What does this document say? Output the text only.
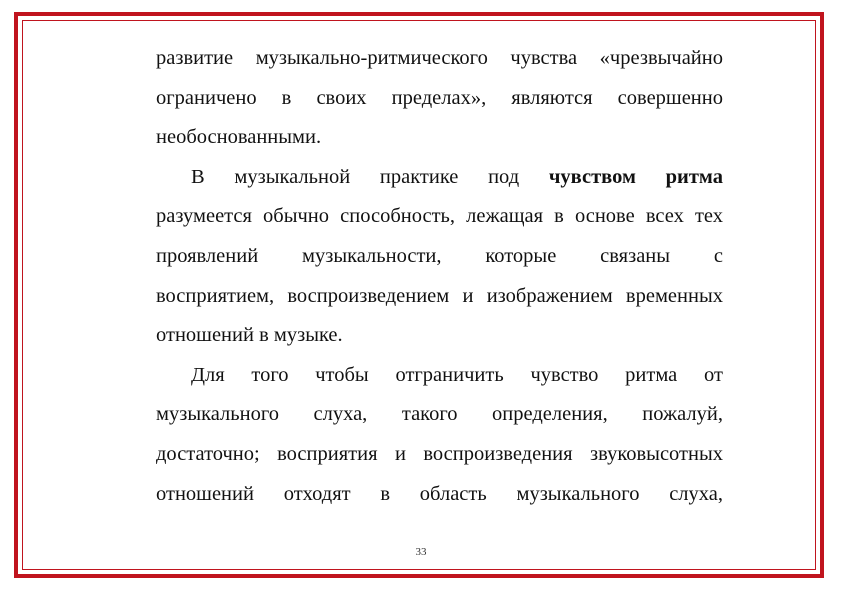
развитие музыкально-ритмического чувства «чрезвычайно
ограничено в своих пределах», являются совершенно
необоснованными.
В музыкальной практике под чувством ритма
разумеется обычно способность, лежащая в основе всех тех
проявлений музыкальности, которые связаны с
восприятием, воспроизведением и изображением временных
отношений в музыке.
Для того чтобы отграничить чувство ритма от
музыкального слуха, такого определения, пожалуй,
достаточно; восприятия и воспроизведения звуковысотных
отношений отходят в область музыкального слуха,
33
